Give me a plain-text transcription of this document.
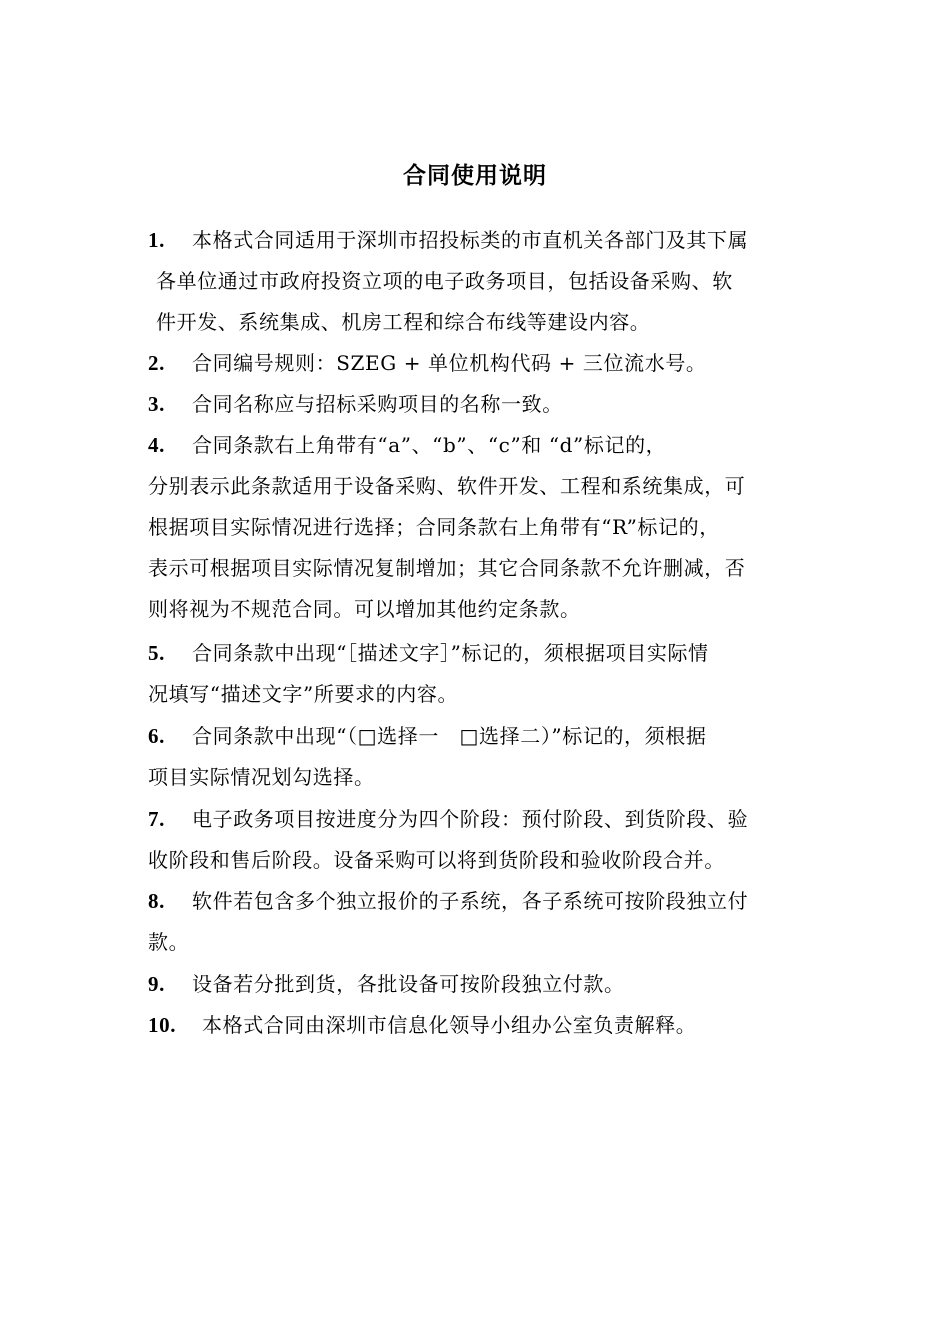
合同使用说明
1. 本格式合同适用于深圳市招投标类的市直机关各部门及其下属
各单位通过市政府投资立项的电子政务项目，包括设备采购、软
件开发、系统集成、机房工程和综合布线等建设内容。
2. 合同编号规则：SZEG + 单位机构代码 + 三位流水号。
3. 合同名称应与招标采购项目的名称一致。
4. 合同条款右上角带有“a”、“b”、“c”和 “d”标记的，
分别表示此条款适用于设备采购、软件开发、工程和系统集成，可
根据项目实际情况进行选择；合同条款右上角带有“R”标记的，
表示可根据项目实际情况复制增加；其它合同条款不允许删减，否
则将视为不规范合同。可以增加其他约定条款。
5. 合同条款中出现“［描述文字］”标记的，须根据项目实际情
况填写“描述文字”所要求的内容。
6. 合同条款中出现“（□选择一　□选择二）”标记的，须根据
项目实际情况划勾选择。
7. 电子政务项目按进度分为四个阶段：预付阶段、到货阶段、验
收阶段和售后阶段。设备采购可以将到货阶段和验收阶段合并。
8. 软件若包含多个独立报价的子系统，各子系统可按阶段独立付
款。
9. 设备若分批到货，各批设备可按阶段独立付款。
10. 本格式合同由深圳市信息化领导小组办公室负责解释。
